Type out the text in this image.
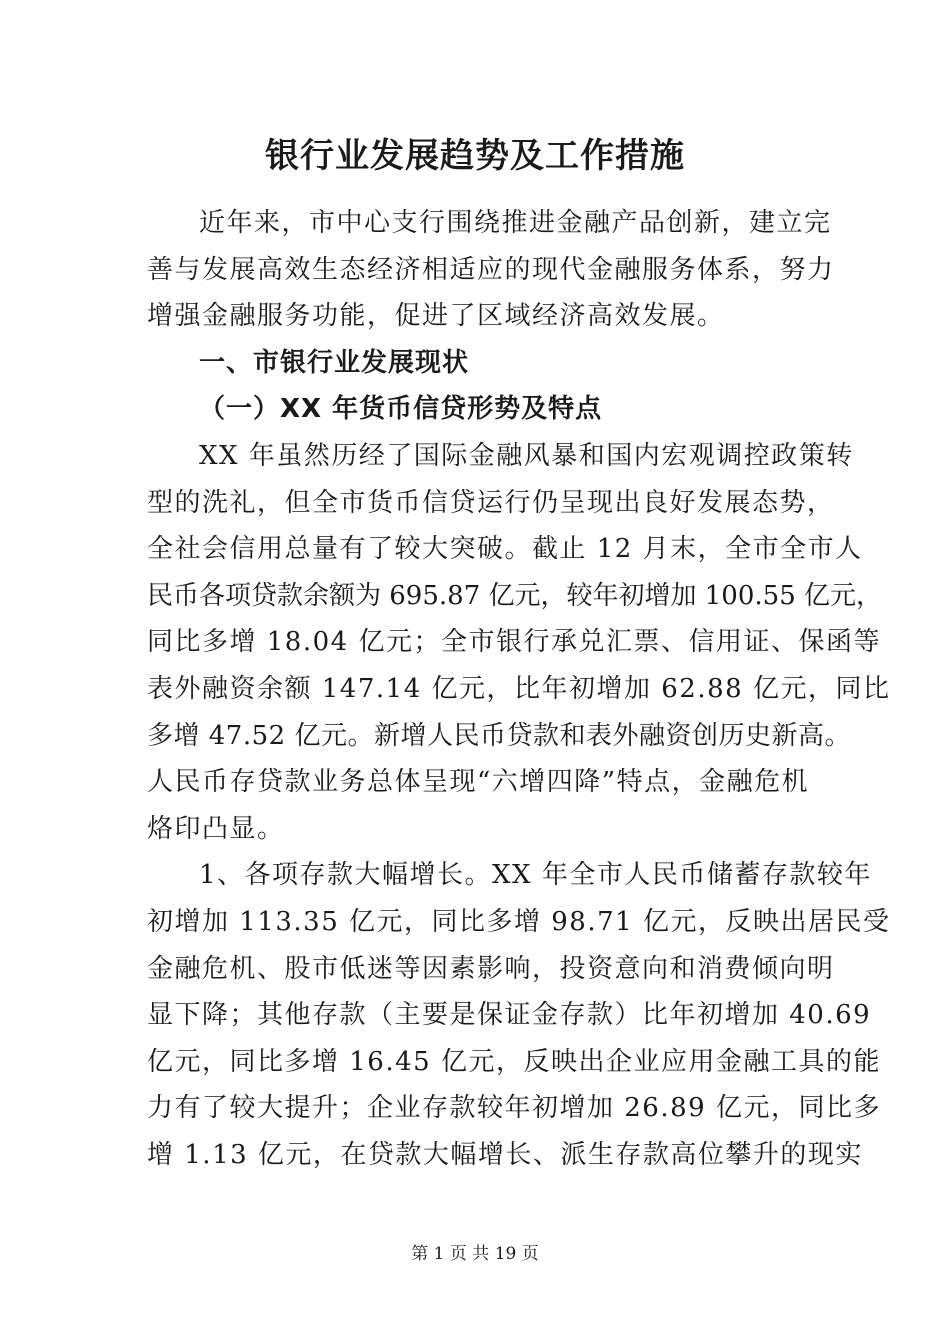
银行业发展趋势及工作措施
近年来，市中心支行围绕推进金融产品创新，建立完
善与发展高效生态经济相适应的现代金融服务体系，努力
增强金融服务功能，促进了区域经济高效发展。
一、市银行业发展现状
（一）XX 年货币信贷形势及特点
XX 年虽然历经了国际金融风暴和国内宏观调控政策转
型的洗礼，但全市货币信贷运行仍呈现出良好发展态势，
全社会信用总量有了较大突破。截止 12 月末，全市全市人
民币各项贷款余额为 695.87 亿元，较年初增加 100.55 亿元，
同比多增 18.04 亿元；全市银行承兑汇票、信用证、保函等
表外融资余额 147.14 亿元，比年初增加 62.88 亿元，同比
多增 47.52 亿元。新增人民币贷款和表外融资创历史新高。
人民币存贷款业务总体呈现“六增四降”特点，金融危机
烙印凸显。
1、各项存款大幅增长。XX 年全市人民币储蓄存款较年
初增加 113.35 亿元，同比多增 98.71 亿元，反映出居民受
金融危机、股市低迷等因素影响，投资意向和消费倾向明
显下降；其他存款（主要是保证金存款）比年初增加 40.69
亿元，同比多增 16.45 亿元，反映出企业应用金融工具的能
力有了较大提升；企业存款较年初增加 26.89 亿元，同比多
增 1.13 亿元，在贷款大幅增长、派生存款高位攀升的现实
第 1 页 共 19 页
